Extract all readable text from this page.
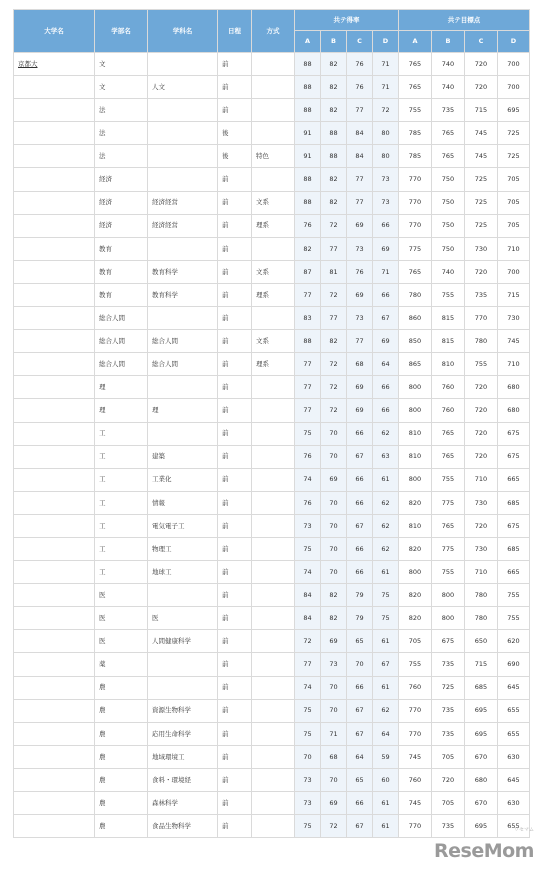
大学名	学部名	学科名	日程	方式	共テ得率				共テ目標点			
					A	B	C	D	A	B	C	D
京都大	文		前		88	82	76	71	765	740	720	700
	文	人文	前		88	82	76	71	765	740	720	700
	法		前		88	82	77	72	755	735	715	695
	法		後		91	88	84	80	785	765	745	725
	法		後	特色	91	88	84	80	785	765	745	725
	経済		前		88	82	77	73	770	750	725	705
	経済	経済経営	前	文系	88	82	77	73	770	750	725	705
	経済	経済経営	前	理系	76	72	69	66	770	750	725	705
	教育		前		82	77	73	69	775	750	730	710
	教育	教育科学	前	文系	87	81	76	71	765	740	720	700
	教育	教育科学	前	理系	77	72	69	66	780	755	735	715
	総合人間		前		83	77	73	67	860	815	770	730
	総合人間	総合人間	前	文系	88	82	77	69	850	815	780	745
	総合人間	総合人間	前	理系	77	72	68	64	865	810	755	710
	理		前		77	72	69	66	800	760	720	680
	理	理	前		77	72	69	66	800	760	720	680
	工		前		75	70	66	62	810	765	720	675
	工	建築	前		76	70	67	63	810	765	720	675
	工	工業化	前		74	69	66	61	800	755	710	665
	工	情報	前		76	70	66	62	820	775	730	685
	工	電気電子工	前		73	70	67	62	810	765	720	675
	工	物理工	前		75	70	66	62	820	775	730	685
	工	地球工	前		74	70	66	61	800	755	710	665
	医		前		84	82	79	75	820	800	780	755
	医	医	前		84	82	79	75	820	800	780	755
	医	人間健康科学	前		72	69	65	61	705	675	650	620
	薬		前		77	73	70	67	755	735	715	690
	農		前		74	70	66	61	760	725	685	645
	農	資源生物科学	前		75	70	67	62	770	735	695	655
	農	応用生命科学	前		75	71	67	64	770	735	695	655
	農	地域環境工	前		70	68	64	59	745	705	670	630
	農	食料・環境経	前		73	70	65	60	760	720	680	645
	農	森林科学	前		73	69	66	61	745	705	670	630
	農	食品生物科学	前		75	72	67	61	770	735	695	655
ReseMom
リセマム
